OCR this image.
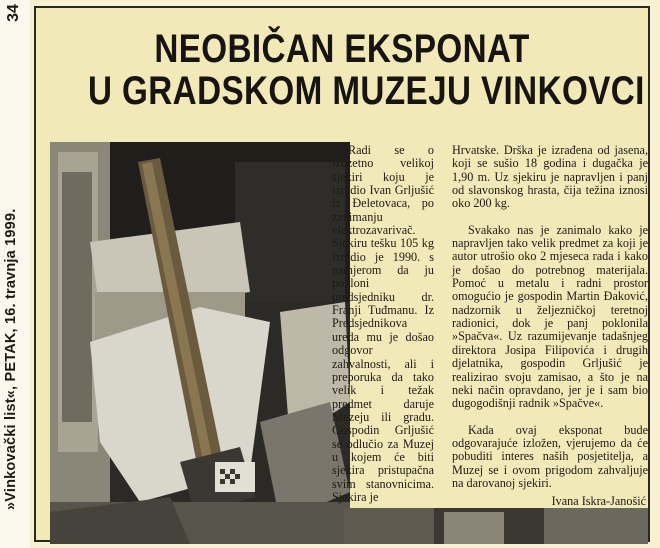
34
»Vinkovački list«, PETAK, 16. travnja 1999.
NEOBIČAN EKSPONAT
U GRADSKOM MUZEJU VINKOVCI

Radi se o izuzetno velikoj sjekiri koju je izradio Ivan Grljušić iz Đeletovaca, po zanimanju elektrozavarivač. Sjekiru tešku 105 kg izradio je 1990. s namjerom da ju pokloni predsjedniku dr. Franji Tuđmanu. Iz Predsjednikova ureda mu je došao odgovor zahvalnosti, ali i preporuka da tako velik i težak predmet daruje Muzeju ili gradu. Gospodin Grljušić se odlučio za Muzej u kojem će biti sjekira pristupačna svim stanovnicima. Sjekira je

Hrvatske. Drška je izrađena od jasena, koji se sušio 18 godina i dugačka je 1,90 m. Uz sjekiru je napravljen i panj od slavonskog hrasta, čija težina iznosi oko 200 kg.

Svakako nas je zanimalo kako je napravljen tako velik predmet za koji je autor utrošio oko 2 mjeseca rada i kako je došao do potrebnog materijala. Pomoć u metalu i radni prostor omogućio je gospodin Martin Đaković, nadzornik u željezničkoj teretnoj radionici, dok je panj poklonila »Spačva«. Uz razumijevanje tadašnjeg direktora Josipa Filipovića i drugih djelatnika, gospodin Grljušić je realizirao svoju zamisao, a što je na neki način opravdano, jer je i sam bio dugogodišnji radnik »Spačve«.

Kada ovaj eksponat bude odgovarajuće izložen, vjerujemo da će pobuditi interes naših posjetitelja, a Muzej se i ovom prigodom zahvaljuje na darovanoj sjekiri.

Ivana Iskra-Janošić
